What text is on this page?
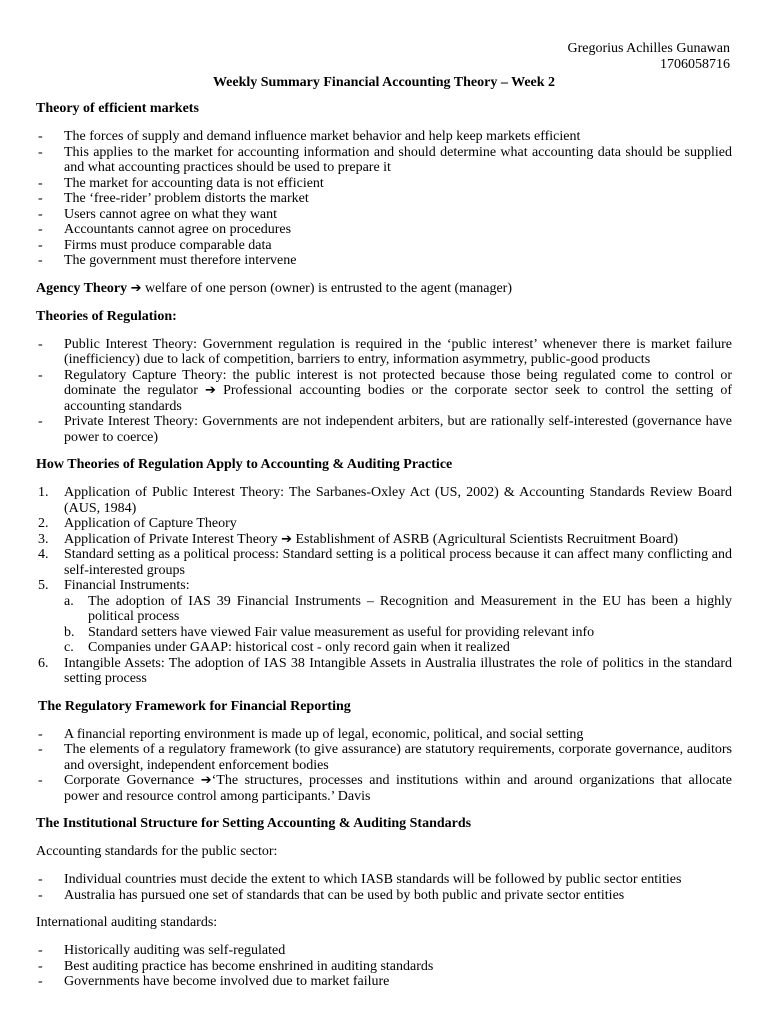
Gregorius Achilles Gunawan
1706058716
Weekly Summary Financial Accounting Theory – Week 2
Theory of efficient markets
- The forces of supply and demand influence market behavior and help keep markets efficient
- This applies to the market for accounting information and should determine what accounting data should be supplied and what accounting practices should be used to prepare it
- The market for accounting data is not efficient
- The ‘free-rider’ problem distorts the market
- Users cannot agree on what they want
- Accountants cannot agree on procedures
- Firms must produce comparable data
- The government must therefore intervene
Agency Theory ➔ welfare of one person (owner) is entrusted to the agent (manager)
Theories of Regulation:
- Public Interest Theory: Government regulation is required in the ‘public interest’ whenever there is market failure (inefficiency) due to lack of competition, barriers to entry, information asymmetry, public-good products
- Regulatory Capture Theory: the public interest is not protected because those being regulated come to control or dominate the regulator ➔ Professional accounting bodies or the corporate sector seek to control the setting of accounting standards
- Private Interest Theory: Governments are not independent arbiters, but are rationally self-interested (governance have power to coerce)
How Theories of Regulation Apply to Accounting & Auditing Practice
1. Application of Public Interest Theory: The Sarbanes-Oxley Act (US, 2002) & Accounting Standards Review Board (AUS, 1984)
2. Application of Capture Theory
3. Application of Private Interest Theory ➔ Establishment of ASRB (Agricultural Scientists Recruitment Board)
4. Standard setting as a political process: Standard setting is a political process because it can affect many conflicting and self-interested groups
5. Financial Instruments:
a. The adoption of IAS 39 Financial Instruments – Recognition and Measurement in the EU has been a highly political process
b. Standard setters have viewed Fair value measurement as useful for providing relevant info
c. Companies under GAAP: historical cost - only record gain when it realized
6. Intangible Assets: The adoption of IAS 38 Intangible Assets in Australia illustrates the role of politics in the standard setting process
The Regulatory Framework for Financial Reporting
- A financial reporting environment is made up of legal, economic, political, and social setting
- The elements of a regulatory framework (to give assurance) are statutory requirements, corporate governance, auditors and oversight, independent enforcement bodies
- Corporate Governance ➔‘The structures, processes and institutions within and around organizations that allocate power and resource control among participants.’ Davis
The Institutional Structure for Setting Accounting & Auditing Standards
Accounting standards for the public sector:
- Individual countries must decide the extent to which IASB standards will be followed by public sector entities
- Australia has pursued one set of standards that can be used by both public and private sector entities
International auditing standards:
- Historically auditing was self-regulated
- Best auditing practice has become enshrined in auditing standards
- Governments have become involved due to market failure
